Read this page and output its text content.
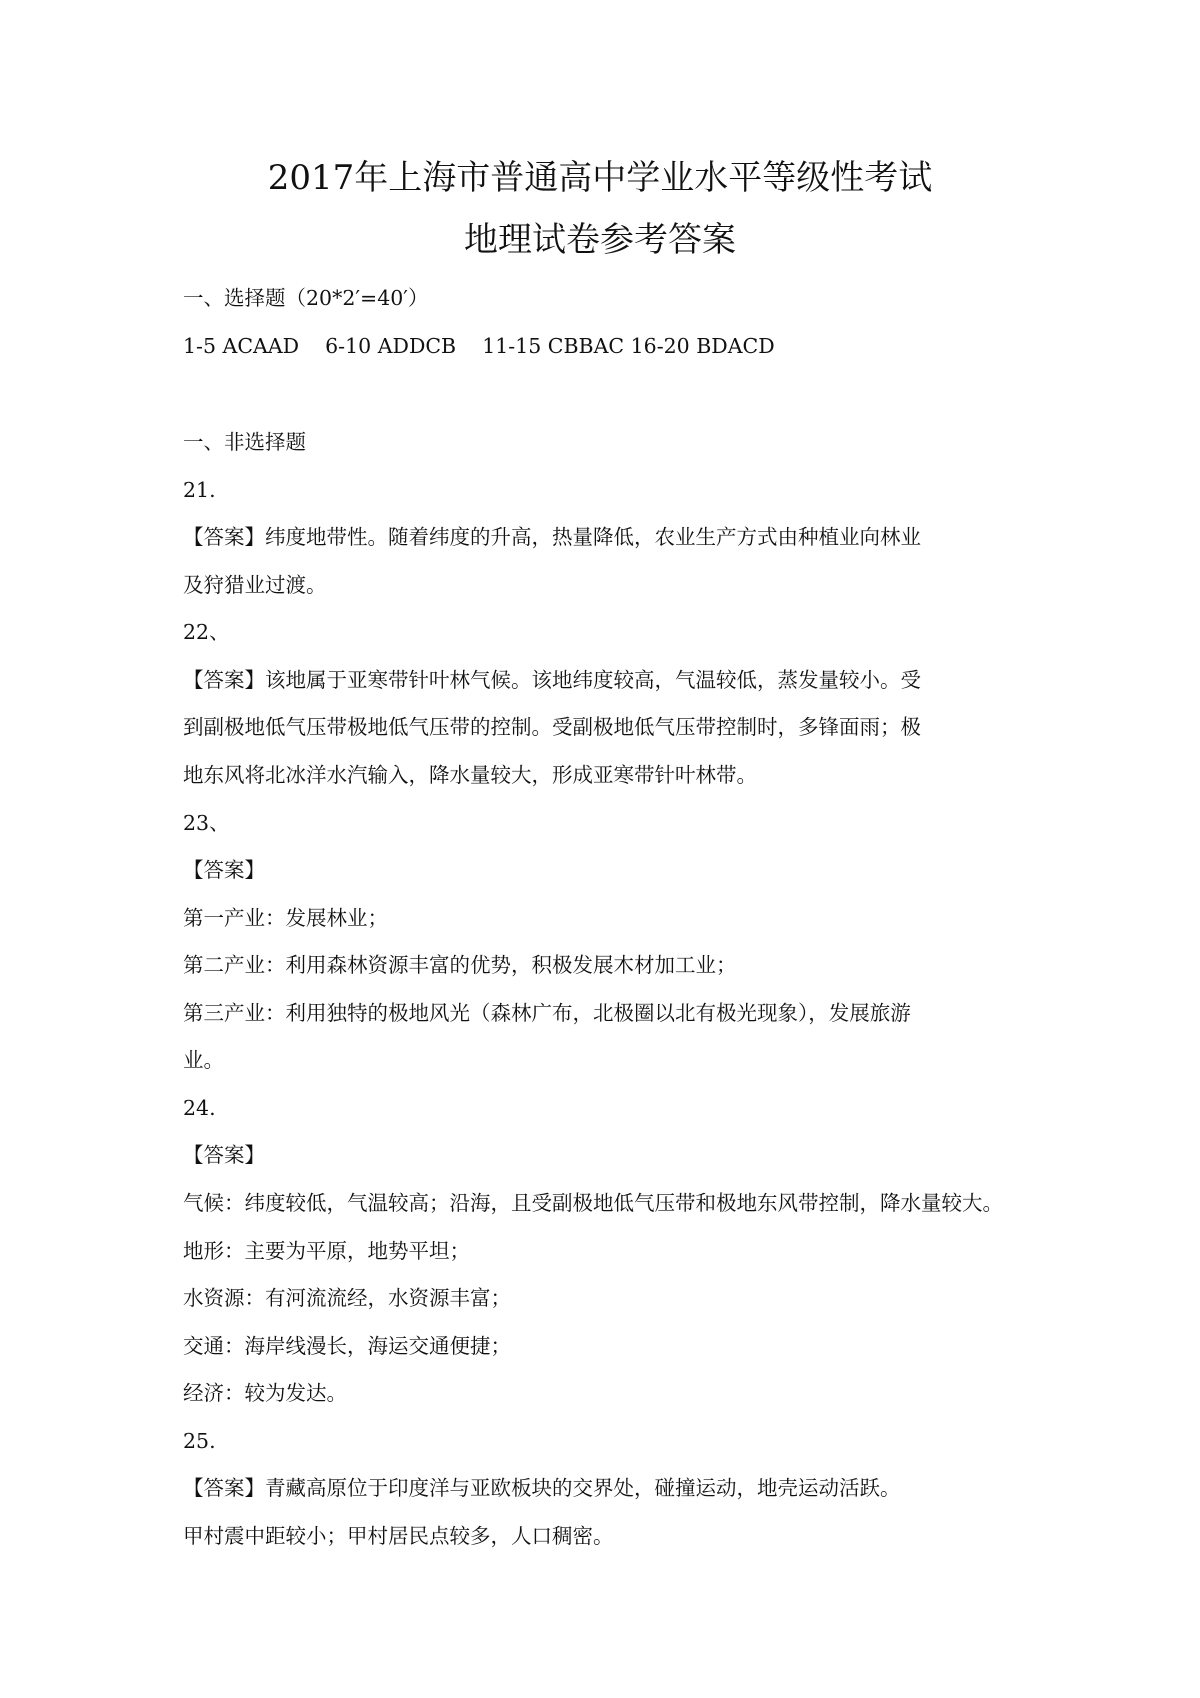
2017年上海市普通高中学业水平等级性考试
地理试卷参考答案

一、选择题（20*2′=40′）

1-5 ACAAD    6-10 ADDCB    11-15 CBBAC 16-20 BDACD

一、非选择题

21.

【答案】纬度地带性。随着纬度的升高，热量降低，农业生产方式由种植业向林业

及狩猎业过渡。

22、

【答案】该地属于亚寒带针叶林气候。该地纬度较高，气温较低，蒸发量较小。受

到副极地低气压带极地低气压带的控制。受副极地低气压带控制时，多锋面雨；极

地东风将北冰洋水汽输入，降水量较大，形成亚寒带针叶林带。

23、

【答案】

第一产业：发展林业；

第二产业：利用森林资源丰富的优势，积极发展木材加工业；

第三产业：利用独特的极地风光（森林广布，北极圈以北有极光现象），发展旅游

业。

24.

【答案】

气候：纬度较低，气温较高；沿海，且受副极地低气压带和极地东风带控制，降水量较大。

地形：主要为平原，地势平坦；

水资源：有河流流经，水资源丰富；

交通：海岸线漫长，海运交通便捷；

经济：较为发达。

25.

【答案】青藏高原位于印度洋与亚欧板块的交界处，碰撞运动，地壳运动活跃。

甲村震中距较小；甲村居民点较多，人口稠密。
